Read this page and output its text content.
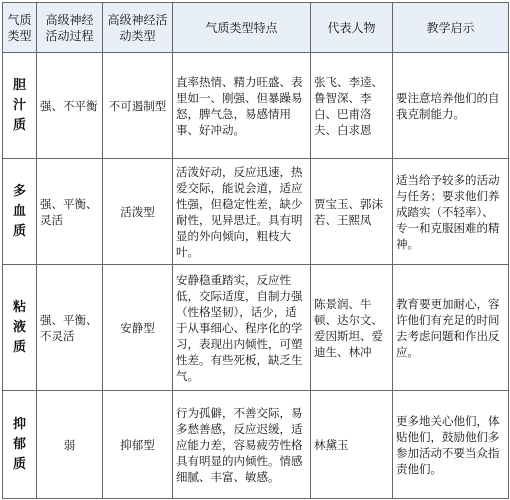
气质类型	高级神经活动过程	高级神经活动类型	气质类型特点	代表人物	教学启示
胆汁质	强、不平衡	不可遏制型	直率热情、精力旺盛、表里如一、刚强、但暴躁易怒，脾气急，易感情用事、好冲动。	张飞、李逵、鲁智深、李白、巴甫洛夫、白求恩	要注意培养他们的自我克制能力。
多血质	强、平衡、灵活	活泼型	活泼好动，反应迅速，热爱交际，能说会道，适应性强，但稳定性差，缺少耐性，见异思迁。具有明显的外向倾向，粗枝大叶。	贾宝玉、郭沫若、王熙凤	适当给予较多的活动与任务；要求他们养成踏实（不轻率）、专一和克服困难的精神。
粘液质	强、平衡、不灵活	安静型	安静稳重踏实，反应性低，交际适度，自制力强（性格坚韧），话少，适于从事细心、程序化的学习，表现出内倾性，可塑性差。有些死板，缺乏生气。	陈景润、牛顿、达尔文、爱因斯坦、爱迪生、林冲	教育要更加耐心，容许他们有充足的时间去考虑问题和作出反应。
抑郁质	弱	抑郁型	行为孤僻，不善交际，易多愁善感，反应迟缓，适应能力差，容易疲劳性格具有明显的内倾性。情感细腻、丰富、敏感。	林黛玉	更多地关心他们，体贴他们，鼓励他们多参加活动不要当众指责他们。
